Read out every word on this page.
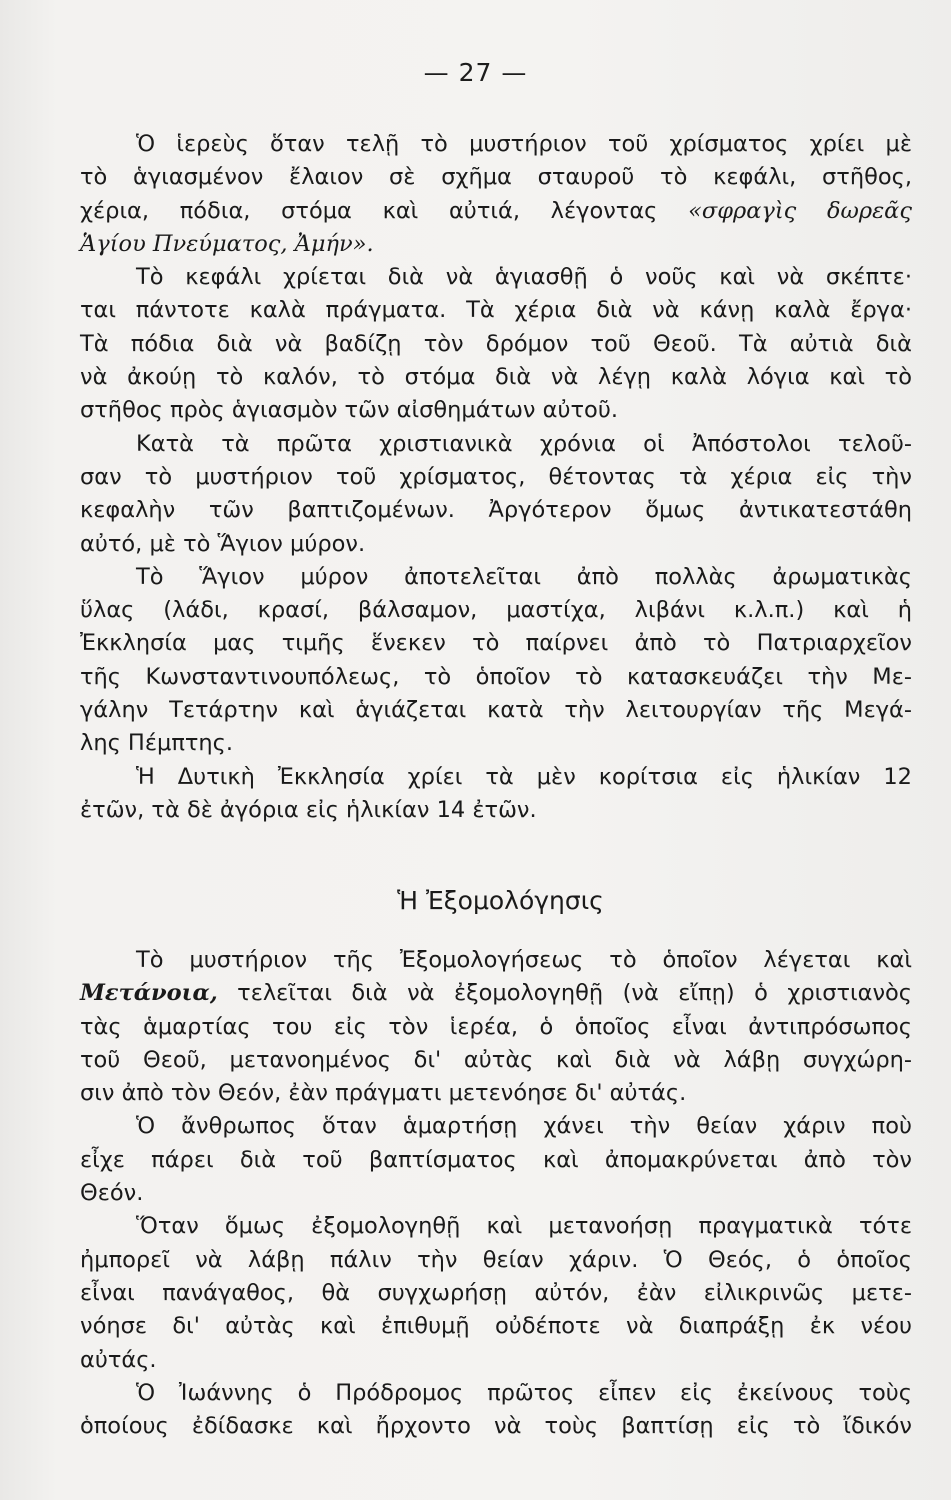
— 27 —
Ὁ ἱερεὺς ὅταν τελῇ τὸ μυστήριον τοῦ χρίσματος χρίει μὲ
τὸ ἁγιασμένον ἔλαιον σὲ σχῆμα σταυροῦ τὸ κεφάλι, στῆθος,
χέρια, πόδια, στόμα καὶ αὐτιά, λέγοντας «σφραγὶς δωρεᾶς
Ἁγίου Πνεύματος, Ἀμήν».
Τὸ κεφάλι χρίεται διὰ νὰ ἁγιασθῇ ὁ νοῦς καὶ νὰ σκέπτε·
ται πάντοτε καλὰ πράγματα. Τὰ χέρια διὰ νὰ κάνῃ καλὰ ἔργα·
Τὰ πόδια διὰ νὰ βαδίζῃ τὸν δρόμον τοῦ Θεοῦ. Τὰ αὐτιὰ διὰ
νὰ ἀκούῃ τὸ καλόν, τὸ στόμα διὰ νὰ λέγῃ καλὰ λόγια καὶ τὸ
στῆθος πρὸς ἁγιασμὸν τῶν αἰσθημάτων αὐτοῦ.
Κατὰ τὰ πρῶτα χριστιανικὰ χρόνια οἱ Ἀπόστολοι τελοῦ-
σαν τὸ μυστήριον τοῦ χρίσματος, θέτοντας τὰ χέρια εἰς τὴν
κεφαλὴν τῶν βαπτιζομένων. Ἀργότερον ὅμως ἀντικατεστάθη
αὐτό, μὲ τὸ Ἅγιον μύρον.
Τὸ Ἅγιον μύρον ἀποτελεῖται ἀπὸ πολλὰς ἀρωματικὰς
ὕλας (λάδι, κρασί, βάλσαμον, μαστίχα, λιβάνι κ.λ.π.) καὶ ἡ
Ἐκκλησία μας τιμῆς ἕνεκεν τὸ παίρνει ἀπὸ τὸ Πατριαρχεῖον
τῆς Κωνσταντινουπόλεως, τὸ ὁποῖον τὸ κατασκευάζει τὴν Με-
γάλην Τετάρτην καὶ ἁγιάζεται κατὰ τὴν λειτουργίαν τῆς Μεγά-
λης Πέμπτης.
Ἡ Δυτικὴ Ἐκκλησία χρίει τὰ μὲν κορίτσια εἰς ἡλικίαν 12
ἐτῶν, τὰ δὲ ἀγόρια εἰς ἡλικίαν 14 ἐτῶν.
Ἡ Ἐξομολόγησις
Τὸ μυστήριον τῆς Ἐξομολογήσεως τὸ ὁποῖον λέγεται καὶ
Μετάνοια, τελεῖται διὰ νὰ ἐξομολογηθῇ (νὰ εἴπῃ) ὁ χριστιανὸς
τὰς ἁμαρτίας του εἰς τὸν ἱερέα, ὁ ὁποῖος εἶναι ἀντιπρόσωπος
τοῦ Θεοῦ, μετανοημένος δι' αὐτὰς καὶ διὰ νὰ λάβῃ συγχώρη-
σιν ἀπὸ τὸν Θεόν, ἐὰν πράγματι μετενόησε δι' αὐτάς.
Ὁ ἄνθρωπος ὅταν ἁμαρτήσῃ χάνει τὴν θείαν χάριν ποὺ
εἶχε πάρει διὰ τοῦ βαπτίσματος καὶ ἀπομακρύνεται ἀπὸ τὸν
Θεόν.
Ὅταν ὅμως ἐξομολογηθῇ καὶ μετανοήσῃ πραγματικὰ τότε
ἠμπορεῖ νὰ λάβῃ πάλιν τὴν θείαν χάριν. Ὁ Θεός, ὁ ὁποῖος
εἶναι πανάγαθος, θὰ συγχωρήσῃ αὐτόν, ἐὰν εἰλικρινῶς μετε-
νόησε δι' αὐτὰς καὶ ἐπιθυμῇ οὐδέποτε νὰ διαπράξῃ ἐκ νέου
αὐτάς.
Ὁ Ἰωάννης ὁ Πρόδρομος πρῶτος εἶπεν εἰς ἐκείνους τοὺς
ὁποίους ἐδίδασκε καὶ ἤρχοντο νὰ τοὺς βαπτίσῃ εἰς τὸ ἴδικόν
